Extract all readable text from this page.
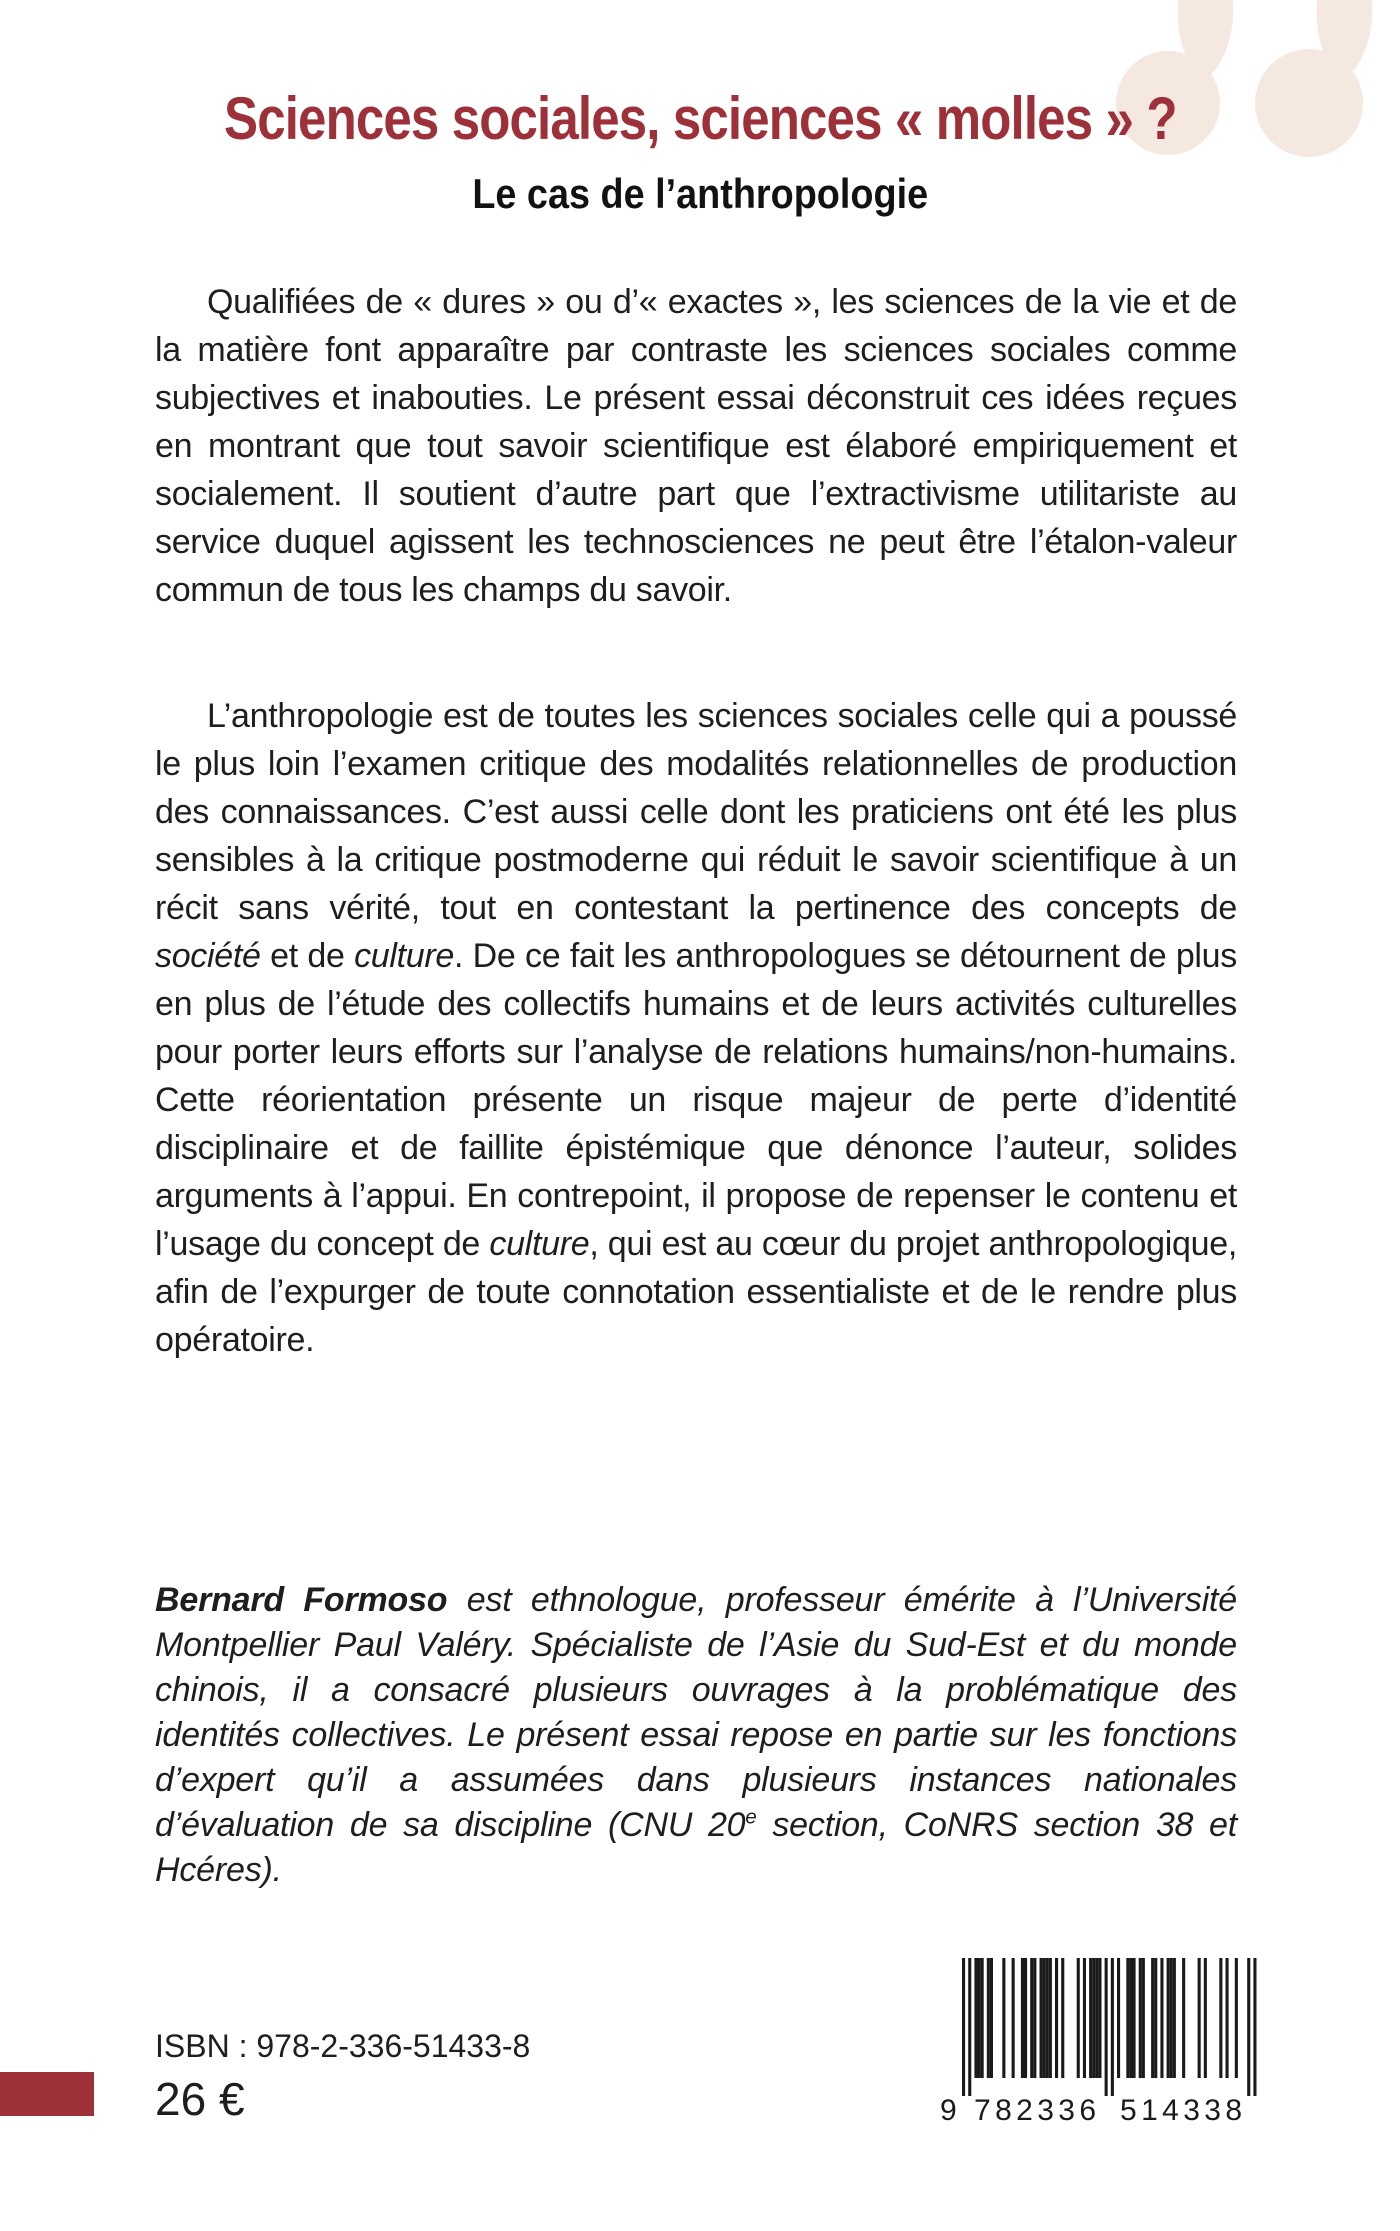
Sciences sociales, sciences « molles » ?
Le cas de l’anthropologie

Qualifiées de « dures » ou d’« exactes », les sciences de la vie et de la matière font apparaître par contraste les sciences sociales comme subjectives et inabouties. Le présent essai déconstruit ces idées reçues en montrant que tout savoir scientifique est élaboré empiriquement et socialement. Il soutient d’autre part que l’extractivisme utilitariste au service duquel agissent les technosciences ne peut être l’étalon-valeur commun de tous les champs du savoir.

L’anthropologie est de toutes les sciences sociales celle qui a poussé le plus loin l’examen critique des modalités relationnelles de production des connaissances. C’est aussi celle dont les praticiens ont été les plus sensibles à la critique postmoderne qui réduit le savoir scientifique à un récit sans vérité, tout en contestant la pertinence des concepts de société et de culture. De ce fait les anthropologues se détournent de plus en plus de l’étude des collectifs humains et de leurs activités culturelles pour porter leurs efforts sur l’analyse de relations humains/non-humains. Cette réorientation présente un risque majeur de perte d’identité disciplinaire et de faillite épistémique que dénonce l’auteur, solides arguments à l’appui. En contrepoint, il propose de repenser le contenu et l’usage du concept de culture, qui est au cœur du projet anthropologique, afin de l’expurger de toute connotation essentialiste et de le rendre plus opératoire.

Bernard Formoso est ethnologue, professeur émérite à l’Université Montpellier Paul Valéry. Spécialiste de l’Asie du Sud-Est et du monde chinois, il a consacré plusieurs ouvrages à la problématique des identités collectives. Le présent essai repose en partie sur les fonctions d’expert qu’il a assumées dans plusieurs instances nationales d’évaluation de sa discipline (CNU 20e section, CoNRS section 38 et Hcéres).

ISBN : 978-2-336-51433-8
26 €	9 782336 514338
